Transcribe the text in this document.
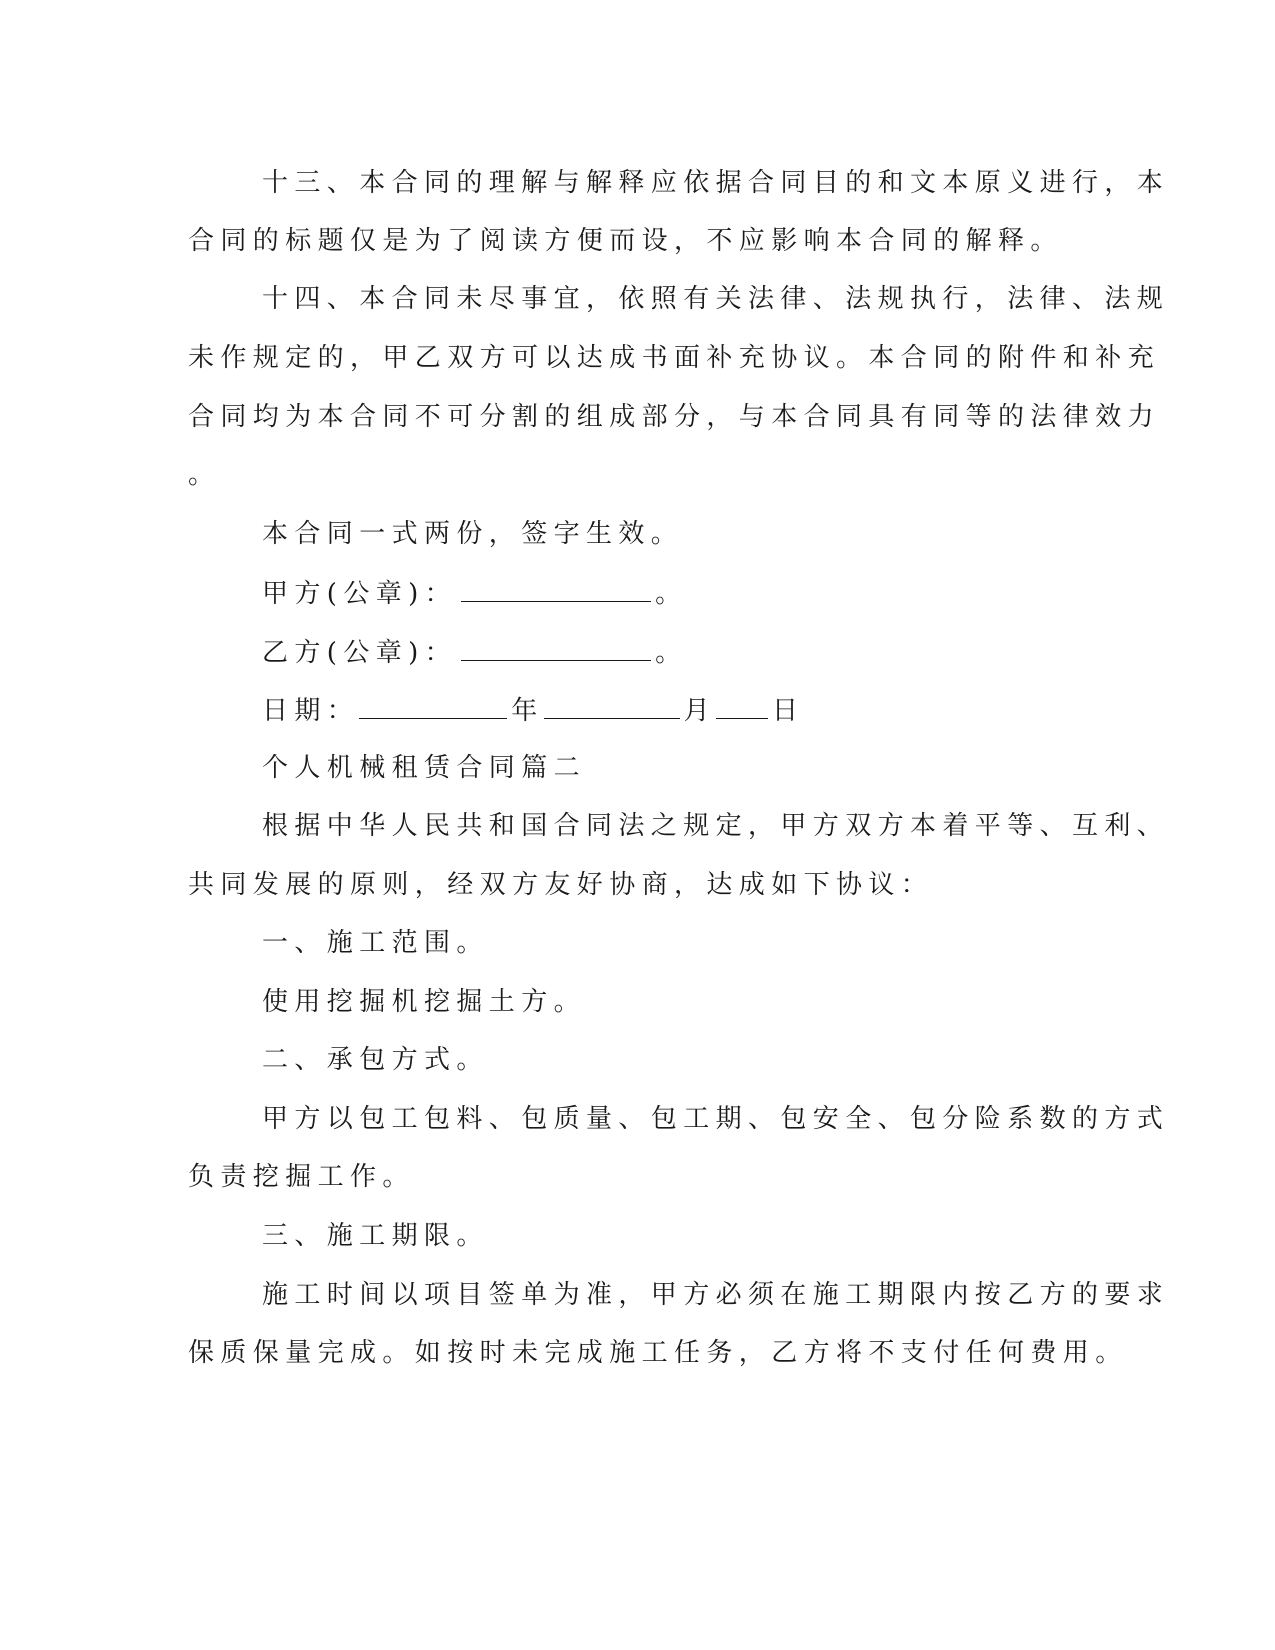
十三、本合同的理解与解释应依据合同目的和文本原义进行，本
合同的标题仅是为了阅读方便而设，不应影响本合同的解释。
十四、本合同未尽事宜，依照有关法律、法规执行，法律、法规
未作规定的，甲乙双方可以达成书面补充协议。本合同的附件和补充
合同均为本合同不可分割的组成部分，与本合同具有同等的法律效力
。
本合同一式两份，签字生效。
甲方(公章)：	。
乙方(公章)：	。
日期：	年	月 日
个人机械租赁合同篇二
根据中华人民共和国合同法之规定，甲方双方本着平等、互利、
共同发展的原则，经双方友好协商，达成如下协议：
一、施工范围。
使用挖掘机挖掘土方。
二、承包方式。
甲方以包工包料、包质量、包工期、包安全、包分险系数的方式
负责挖掘工作。
三、施工期限。
施工时间以项目签单为准，甲方必须在施工期限内按乙方的要求
保质保量完成。如按时未完成施工任务，乙方将不支付任何费用。
